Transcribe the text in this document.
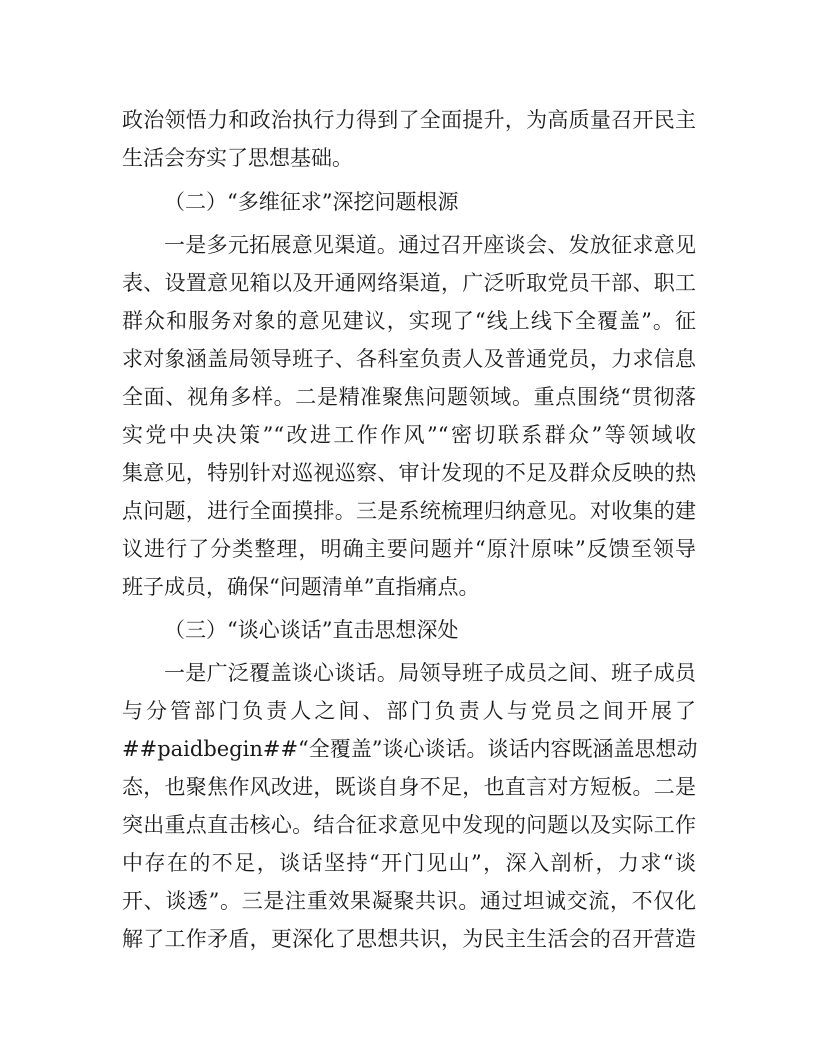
政治领悟力和政治执行力得到了全面提升，为高质量召开民主
生活会夯实了思想基础。
（二）“多维征求”深挖问题根源
一是多元拓展意见渠道。通过召开座谈会、发放征求意见
表、设置意见箱以及开通网络渠道，广泛听取党员干部、职工
群众和服务对象的意见建议，实现了“线上线下全覆盖”。征
求对象涵盖局领导班子、各科室负责人及普通党员，力求信息
全面、视角多样。二是精准聚焦问题领域。重点围绕“贯彻落
实党中央决策”“改进工作作风”“密切联系群众”等领域收
集意见，特别针对巡视巡察、审计发现的不足及群众反映的热
点问题，进行全面摸排。三是系统梳理归纳意见。对收集的建
议进行了分类整理，明确主要问题并“原汁原味”反馈至领导
班子成员，确保“问题清单”直指痛点。
（三）“谈心谈话”直击思想深处
一是广泛覆盖谈心谈话。局领导班子成员之间、班子成员
与分管部门负责人之间、部门负责人与党员之间开展了
##paidbegin##“全覆盖”谈心谈话。谈话内容既涵盖思想动
态，也聚焦作风改进，既谈自身不足，也直言对方短板。二是
突出重点直击核心。结合征求意见中发现的问题以及实际工作
中存在的不足，谈话坚持“开门见山”，深入剖析，力求“谈
开、谈透”。三是注重效果凝聚共识。通过坦诚交流，不仅化
解了工作矛盾，更深化了思想共识，为民主生活会的召开营造
